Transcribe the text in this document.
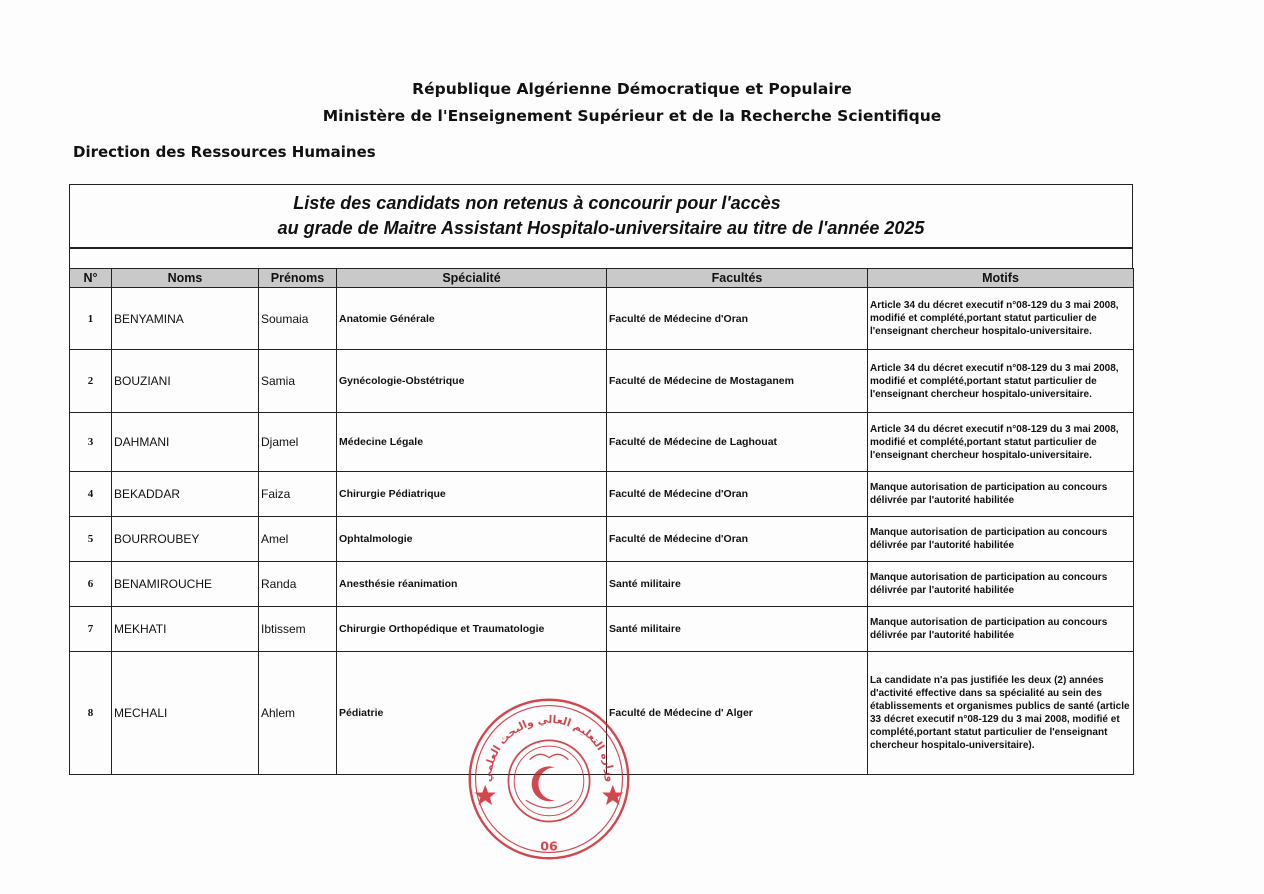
République Algérienne Démocratique et Populaire
Ministère de l'Enseignement Supérieur et de la Recherche Scientifique
Direction des Ressources Humaines
Liste des candidats non retenus à concourir pour l'accès
au grade de Maitre Assistant Hospitalo-universitaire au titre de l'année 2025
N°	Noms	Prénoms	Spécialité	Facultés	Motifs
1	BENYAMINA	Soumaia	Anatomie Générale	Faculté de Médecine d'Oran	Article 34 du décret executif n°08-129 du 3 mai 2008, modifié et complété,portant statut particulier de l'enseignant chercheur hospitalo-universitaire.
2	BOUZIANI	Samia	Gynécologie-Obstétrique	Faculté de Médecine de Mostaganem	Article 34 du décret executif n°08-129 du 3 mai 2008, modifié et complété,portant statut particulier de l'enseignant chercheur hospitalo-universitaire.
3	DAHMANI	Djamel	Médecine Légale	Faculté de Médecine de Laghouat	Article 34 du décret executif n°08-129 du 3 mai 2008, modifié et complété,portant statut particulier de l'enseignant chercheur hospitalo-universitaire.
4	BEKADDAR	Faiza	Chirurgie Pédiatrique	Faculté de Médecine d'Oran	Manque autorisation de participation au concours délivrée par l'autorité habilitée
5	BOURROUBEY	Amel	Ophtalmologie	Faculté de Médecine d'Oran	Manque autorisation de participation au concours délivrée par l'autorité habilitée
6	BENAMIROUCHE	Randa	Anesthésie réanimation	Santé militaire	Manque autorisation de participation au concours délivrée par l'autorité habilitée
7	MEKHATI	Ibtissem	Chirurgie Orthopédique et Traumatologie	Santé militaire	Manque autorisation de participation au concours délivrée par l'autorité habilitée
8	MECHALI	Ahlem	Pédiatrie	Faculté de Médecine d' Alger	La candidate n'a pas justifiée les deux (2) années d'activité effective dans sa spécialité au sein des établissements et organismes publics de santé (article 33 décret executif n°08-129 du 3 mai 2008, modifié et complété,portant statut particulier de l'enseignant chercheur hospitalo-universitaire).
وزارة التعليم العالي والبحث العلمي
06
